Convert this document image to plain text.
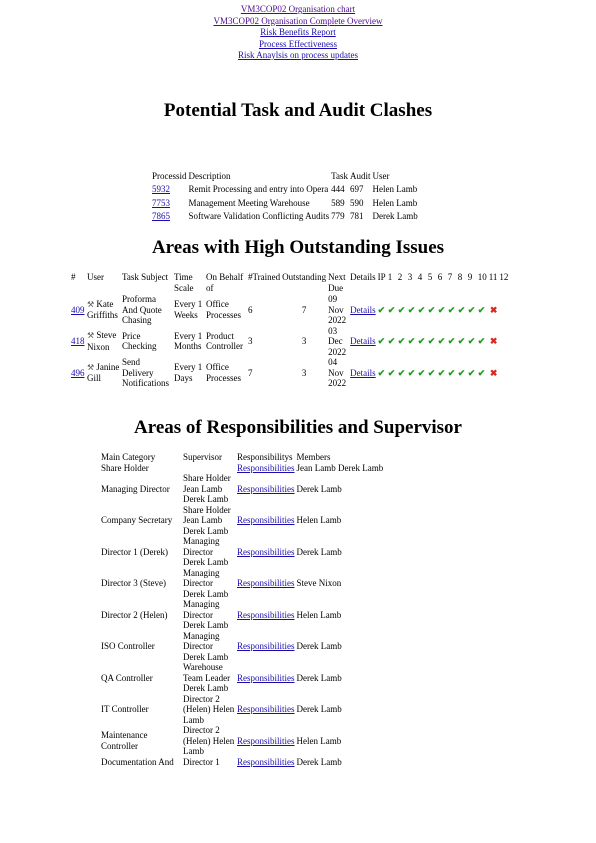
VM3COP02 Organisation chart
VM3COP02 Organisation Complete Overview
Risk Benefits Report
Process Effectiveness
Risk Anaylsis on process updates
Potential Task and Audit Clashes
Processid	Description	Task	Audit	User
5932	Remit Processing and entry into Opera	444	697	Helen Lamb
7753	Management Meeting Warehouse	589	590	Helen Lamb
7865	Software Validation Conflicting Audits	779	781	Derek Lamb
Areas with High Outstanding Issues
#	User	Task Subject	Time Scale	On Behalf of	#Trained	Outstanding	Next Due	Details	IP	1	2	3	4	5	6	7	8	9	10	11	12
409	⚒ Kate Griffiths	Proforma And Quote Chasing	Every 1 Weeks	Office Processes	6	7	09 Nov 2022	Details	✔	✔	✔	✔	✔	✔	✔	✔	✔	✔	✔	✖	
418	⚒ Steve Nixon	Price Checking	Every 1 Months	Product Controller	3	3	03 Dec 2022	Details	✔	✔	✔	✔	✔	✔	✔	✔	✔	✔	✔	✖	
496	⚒ Janine Gill	Send Delivery Notifications	Every 1 Days	Office Processes	7	3	04 Nov 2022	Details	✔	✔	✔	✔	✔	✔	✔	✔	✔	✔	✔	✖	
Areas of Responsibilities and Supervisor
Main Category	Supervisor	Responsibilitys	Members
Share Holder		Responsibilities	Jean Lamb Derek Lamb
Managing Director	Share Holder Jean Lamb Derek Lamb	Responsibilities	Derek Lamb
Company Secretary	Share Holder Jean Lamb Derek Lamb	Responsibilities	Helen Lamb
Director 1 (Derek)	Managing Director Derek Lamb	Responsibilities	Derek Lamb
Director 3 (Steve)	Managing Director Derek Lamb	Responsibilities	Steve Nixon
Director 2 (Helen)	Managing Director Derek Lamb	Responsibilities	Helen Lamb
ISO Controller	Managing Director Derek Lamb	Responsibilities	Derek Lamb
QA Controller	Warehouse Team Leader Derek Lamb	Responsibilities	Derek Lamb
IT Controller	Director 2 (Helen) Helen Lamb	Responsibilities	Derek Lamb
Maintenance Controller	Director 2 (Helen) Helen Lamb	Responsibilities	Helen Lamb
Documentation And	Director 1	Responsibilities	Derek Lamb
